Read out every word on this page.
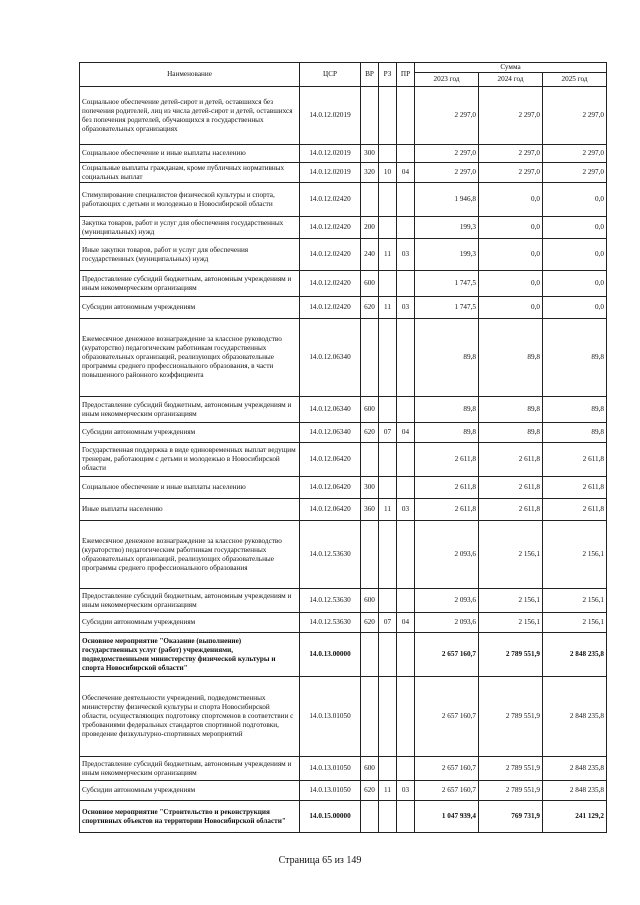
Наименование	ЦСР	ВР	РЗ	ПР	Сумма		
					2023 год	2024 год	2025 год
Социальное обеспечение детей-сирот и детей, оставшихся без попечения родителей, лиц из числа детей-сирот и детей, оставшихся без попечения родителей, обучающихся в государственных образовательных организациях	14.0.12.02019				2 297,0	2 297,0	2 297,0
Социальное обеспечение и иные выплаты населению	14.0.12.02019	300			2 297,0	2 297,0	2 297,0
Социальные выплаты гражданам, кроме публичных нормативных социальных выплат	14.0.12.02019	320	10	04	2 297,0	2 297,0	2 297,0
Стимулирование специалистов физической культуры и спорта, работающих с детьми и молодежью в Новосибирской области	14.0.12.02420				1 946,8	0,0	0,0
Закупка товаров, работ и услуг для обеспечения государственных (муниципальных) нужд	14.0.12.02420	200			199,3	0,0	0,0
Иные закупки товаров, работ и услуг для обеспечения государственных (муниципальных) нужд	14.0.12.02420	240	11	03	199,3	0,0	0,0
Предоставление субсидий бюджетным, автономным учреждениям и иным некоммерческим организациям	14.0.12.02420	600			1 747,5	0,0	0,0
Субсидии автономным учреждениям	14.0.12.02420	620	11	03	1 747,5	0,0	0,0
Ежемесячное денежное вознаграждение за классное руководство (кураторство) педагогическим работникам государственных образовательных организаций, реализующих образовательные программы среднего профессионального образования, в части повышенного районного коэффициента	14.0.12.06340				89,8	89,8	89,8
Предоставление субсидий бюджетным, автономным учреждениям и иным некоммерческим организациям	14.0.12.06340	600			89,8	89,8	89,8
Субсидии автономным учреждениям	14.0.12.06340	620	07	04	89,8	89,8	89,8
Государственная поддержка в виде единовременных выплат ведущим тренерам, работающим с детьми и молодежью в Новосибирской области	14.0.12.06420				2 611,8	2 611,8	2 611,8
Социальное обеспечение и иные выплаты населению	14.0.12.06420	300			2 611,8	2 611,8	2 611,8
Иные выплаты населению	14.0.12.06420	360	11	03	2 611,8	2 611,8	2 611,8
Ежемесячное денежное вознаграждение за классное руководство (кураторство) педагогическим работникам государственных образовательных организаций, реализующих образовательные программы среднего профессионального образования	14.0.12.53630				2 093,6	2 156,1	2 156,1
Предоставление субсидий бюджетным, автономным учреждениям и иным некоммерческим организациям	14.0.12.53630	600			2 093,6	2 156,1	2 156,1
Субсидии автономным учреждениям	14.0.12.53630	620	07	04	2 093,6	2 156,1	2 156,1
Основное мероприятие "Оказание (выполнение) государственных услуг (работ) учреждениями, подведомственными министерству физической культуры и спорта Новосибирской области"	14.0.13.00000				2 657 160,7	2 789 551,9	2 848 235,8
Обеспечение деятельности учреждений, подведомственных министерству физической культуры и спорта Новосибирской области, осуществляющих подготовку спортсменов в соответствии с требованиями федеральных стандартов спортивной подготовки, проведение физкультурно-спортивных мероприятий	14.0.13.01050				2 657 160,7	2 789 551,9	2 848 235,8
Предоставление субсидий бюджетным, автономным учреждениям и иным некоммерческим организациям	14.0.13.01050	600			2 657 160,7	2 789 551,9	2 848 235,8
Субсидии автономным учреждениям	14.0.13.01050	620	11	03	2 657 160,7	2 789 551,9	2 848 235,8
Основное мероприятие "Строительство и реконструкция спортивных объектов на территории Новосибирской области"	14.0.15.00000				1 047 939,4	769 731,9	241 129,2
Страница 65 из 149
